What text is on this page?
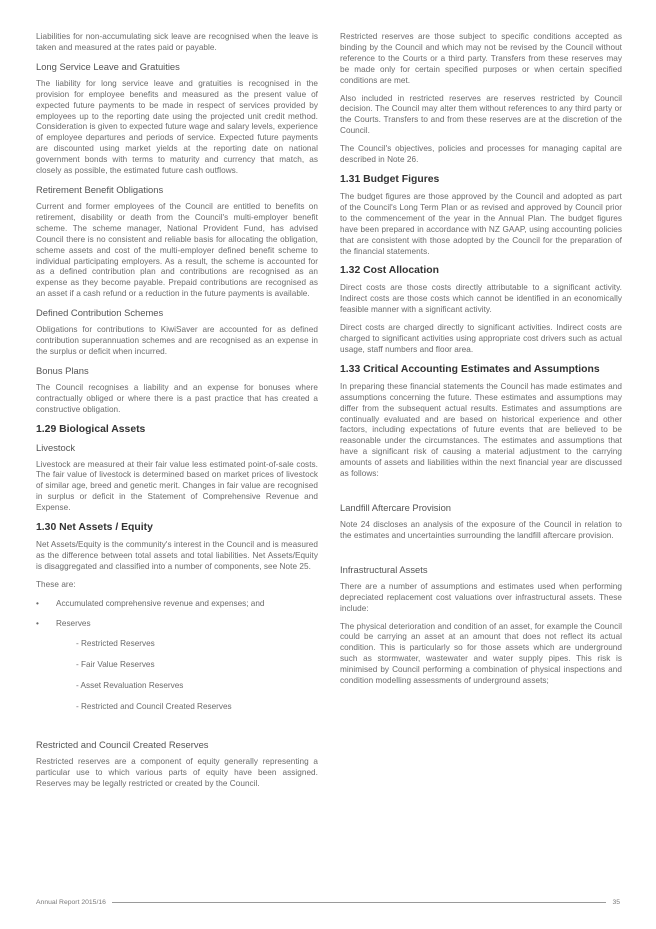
Liabilities for non-accumulating sick leave are recognised when the leave is taken and measured at the rates paid or payable.

Long Service Leave and Gratuities

The liability for long service leave and gratuities is recognised in the provision for employee benefits and measured as the present value of expected future payments to be made in respect of services provided by employees up to the reporting date using the projected unit credit method. Consideration is given to expected future wage and salary levels, experience of employee departures and periods of service. Expected future payments are discounted using market yields at the reporting date on national government bonds with terms to maturity and currency that match, as closely as possible, the estimated future cash outflows.

Retirement Benefit Obligations

Current and former employees of the Council are entitled to benefits on retirement, disability or death from the Council's multi-employer benefit scheme. The scheme manager, National Provident Fund, has advised Council there is no consistent and reliable basis for allocating the obligation, scheme assets and cost of the multi-employer defined benefit scheme to individual participating employers. As a result, the scheme is accounted for as a defined contribution plan and contributions are recognised as an expense as they become payable. Prepaid contributions are recognised as an asset if a cash refund or a reduction in the future payments is available.

Defined Contribution Schemes

Obligations for contributions to KiwiSaver are accounted for as defined contribution superannuation schemes and are recognised as an expense in the surplus or deficit when incurred.

Bonus Plans

The Council recognises a liability and an expense for bonuses where contractually obliged or where there is a past practice that has created a constructive obligation.

1.29 Biological Assets
Livestock

Livestock are measured at their fair value less estimated point-of-sale costs. The fair value of livestock is determined based on market prices of livestock of similar age, breed and genetic merit. Changes in fair value are recognised in surplus or deficit in the Statement of Comprehensive Revenue and Expense.

1.30 Net Assets / Equity

Net Assets/Equity is the community's interest in the Council and is measured as the difference between total assets and total liabilities. Net Assets/Equity is disaggregated and classified into a number of components, see Note 25.

These are:

• Accumulated comprehensive revenue and expenses; and
• Reserves
- Restricted Reserves
- Fair Value Reserves
- Asset Revaluation Reserves
- Restricted and Council Created Reserves
Restricted and Council Created Reserves

Restricted reserves are a component of equity generally representing a particular use to which various parts of equity have been assigned. Reserves may be legally restricted or created by the Council.

Restricted reserves are those subject to specific conditions accepted as binding by the Council and which may not be revised by the Council without reference to the Courts or a third party. Transfers from these reserves may be made only for certain specified purposes or when certain specified conditions are met.

Also included in restricted reserves are reserves restricted by Council decision. The Council may alter them without references to any third party or the Courts. Transfers to and from these reserves are at the discretion of the Council.

The Council's objectives, policies and processes for managing capital are described in Note 26.

1.31 Budget Figures

The budget figures are those approved by the Council and adopted as part of the Council's Long Term Plan or as revised and approved by Council prior to the commencement of the year in the Annual Plan. The budget figures have been prepared in accordance with NZ GAAP, using accounting policies that are consistent with those adopted by the Council for the preparation of the financial statements.

1.32 Cost Allocation

Direct costs are those costs directly attributable to a significant activity. Indirect costs are those costs which cannot be identified in an economically feasible manner with a significant activity.

Direct costs are charged directly to significant activities. Indirect costs are charged to significant activities using appropriate cost drivers such as actual usage, staff numbers and floor area.

1.33 Critical Accounting Estimates and Assumptions

In preparing these financial statements the Council has made estimates and assumptions concerning the future. These estimates and assumptions may differ from the subsequent actual results. Estimates and assumptions are continually evaluated and are based on historical experience and other factors, including expectations of future events that are believed to be reasonable under the circumstances. The estimates and assumptions that have a significant risk of causing a material adjustment to the carrying amounts of assets and liabilities within the next financial year are discussed as follows:

Landfill Aftercare Provision

Note 24 discloses an analysis of the exposure of the Council in relation to the estimates and uncertainties surrounding the landfill aftercare provision.

Infrastructural Assets

There are a number of assumptions and estimates used when performing depreciated replacement cost valuations over infrastructural assets. These include:

The physical deterioration and condition of an asset, for example the Council could be carrying an asset at an amount that does not reflect its actual condition. This is particularly so for those assets which are underground such as stormwater, wastewater and water supply pipes. This risk is minimised by Council performing a combination of physical inspections and condition modelling assessments of underground assets;

Annual Report 2015/16	35
